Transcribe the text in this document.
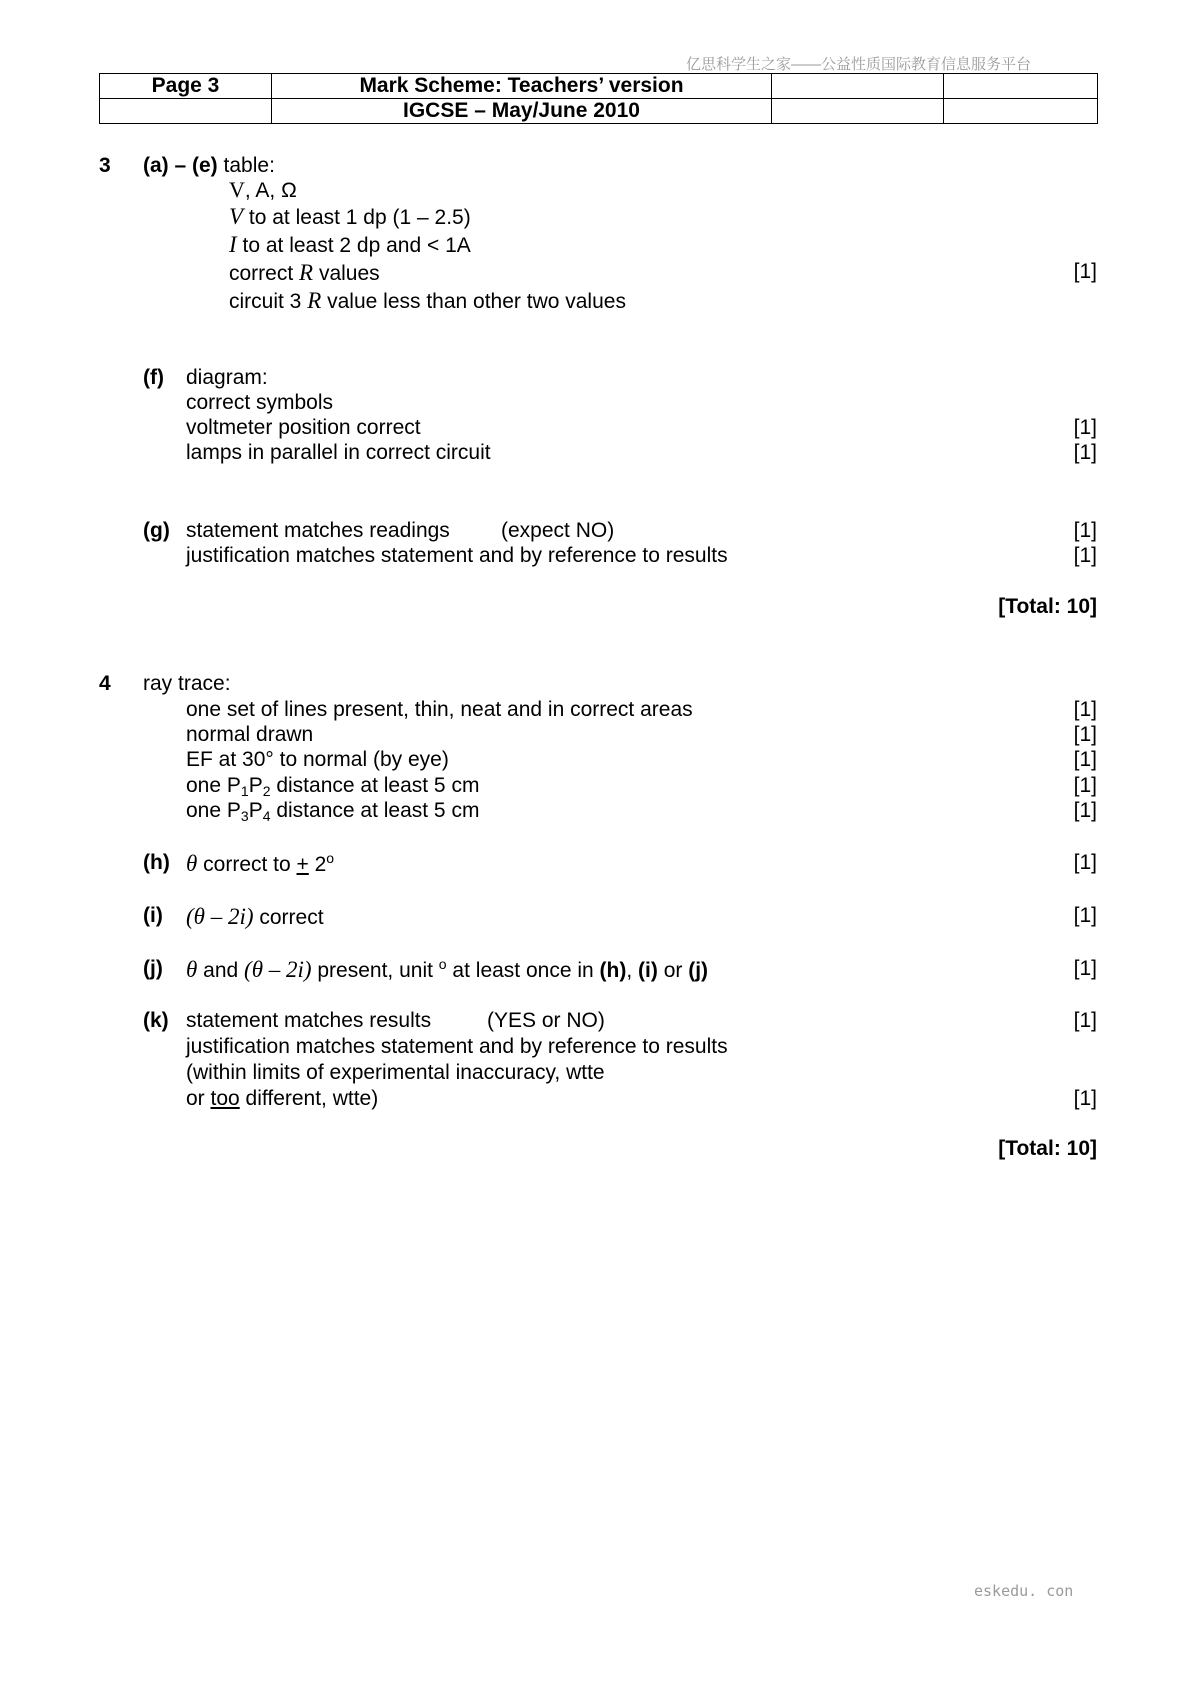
亿思科学生之家——公益性质国际教育信息服务平台
Page 3	Mark Scheme: Teachers’ version		
	IGCSE – May/June 2010		
3 (a) – (e) table:
V, A, Ω
V to at least 1 dp (1 – 2.5)
I to at least 2 dp and < 1A
correct R values	[1]
circuit 3 R value less than other two values
(f) diagram:
correct symbols
voltmeter position correct	[1]
lamps in parallel in correct circuit	[1]
(g) statement matches readings (expect NO)	[1]
justification matches statement and by reference to results	[1]
[Total: 10]
4 ray trace:
one set of lines present, thin, neat and in correct areas	[1]
normal drawn	[1]
EF at 30° to normal (by eye)	[1]
one $P_1P_2$ distance at least 5 cm	[1]
one $P_3P_4$ distance at least 5 cm	[1]
(h) θ correct to + $2^o$	[1]
(i) (θ – 2i) correct	[1]
(j) θ and (θ – 2i) present, unit $^o$ at least once in (h), (i) or (j)	[1]
(k) statement matches results	(YES or NO)	[1]
justification matches statement and by reference to results
(within limits of experimental inaccuracy, wtte
or too different, wtte)	[1]
[Total: 10]
eskedu. con
